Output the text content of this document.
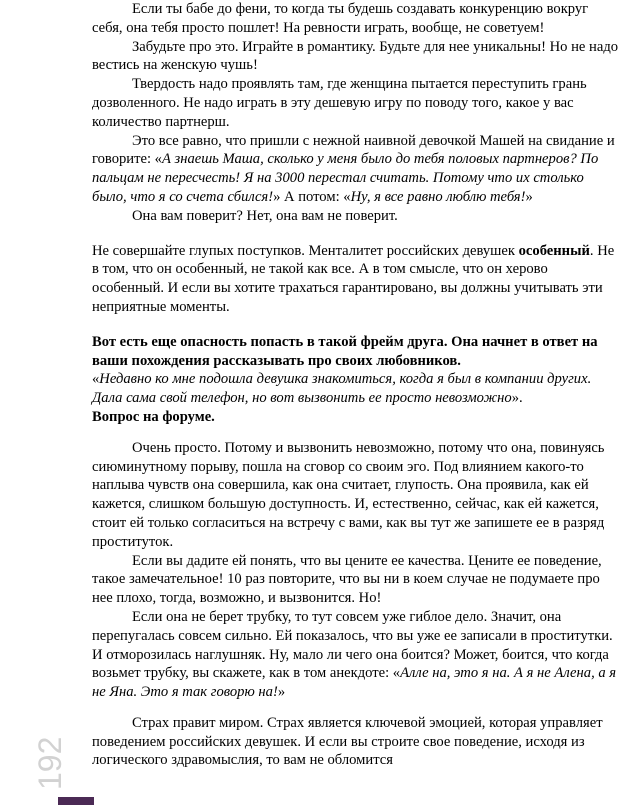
Если ты бабе до фени, то когда ты будешь создавать конкуренцию вокруг себя, она тебя просто пошлет! На ревности играть, вообще, не советуем!

Забудьте про это. Играйте в романтику. Будьте для нее уникальны! Но не надо вестись на женскую чушь!

Твердость надо проявлять там, где женщина пытается переступить грань дозволенного. Не надо играть в эту дешевую игру по поводу того, какое у вас количество партнерш.

Это все равно, что пришли с нежной наивной девочкой Машей на свидание и говорите: «А знаешь Маша, сколько у меня было до тебя половых партнеров? По пальцам не пересчесть! Я на 3000 перестал считать. Потому что их столько было, что я со счета сбился!» А потом: «Ну, я все равно люблю тебя!»

Она вам поверит? Нет, она вам не поверит.

Не совершайте глупых поступков. Менталитет российских девушек особенный. Не в том, что он особенный, не такой как все. А в том смысле, что он херово особенный. И если вы хотите трахаться гарантировано, вы должны учитывать эти неприятные моменты.

Вот есть еще опасность попасть в такой фрейм друга. Она начнет в ответ на ваши похождения рассказывать про своих любовников.
«Недавно ко мне подошла девушка знакомиться, когда я был в компании других. Дала сама свой телефон, но вот вызвонить ее просто невозможно».
Вопрос на форуме.

Очень просто. Потому и вызвонить невозможно, потому что она, повинуясь сиюминутному порыву, пошла на сговор со своим эго. Под влиянием какого-то наплыва чувств она совершила, как она считает, глупость. Она проявила, как ей кажется, слишком большую доступность. И, естественно, сейчас, как ей кажется, стоит ей только согласиться на встречу с вами, как вы тут же запишете ее в разряд проституток.

Если вы дадите ей понять, что вы цените ее качества. Цените ее поведение, такое замечательное! 10 раз повторите, что вы ни в коем случае не подумаете про нее плохо, тогда, возможно, и вызвонится. Но!

Если она не берет трубку, то тут совсем уже гиблое дело. Значит, она перепугалась совсем сильно. Ей показалось, что вы уже ее записали в проститутки. И отморозилась наглушняк. Ну, мало ли чего она боится? Может, боится, что когда возьмет трубку, вы скажете, как в том анекдоте: «Алле на, это я на. А я не Алена, а я не Яна. Это я так говорю на!»

Страх правит миром. Страх является ключевой эмоцией, которая управляет поведением российских девушек. И если вы строите свое поведение, исходя из логического здравомыслия, то вам не обломится

192
